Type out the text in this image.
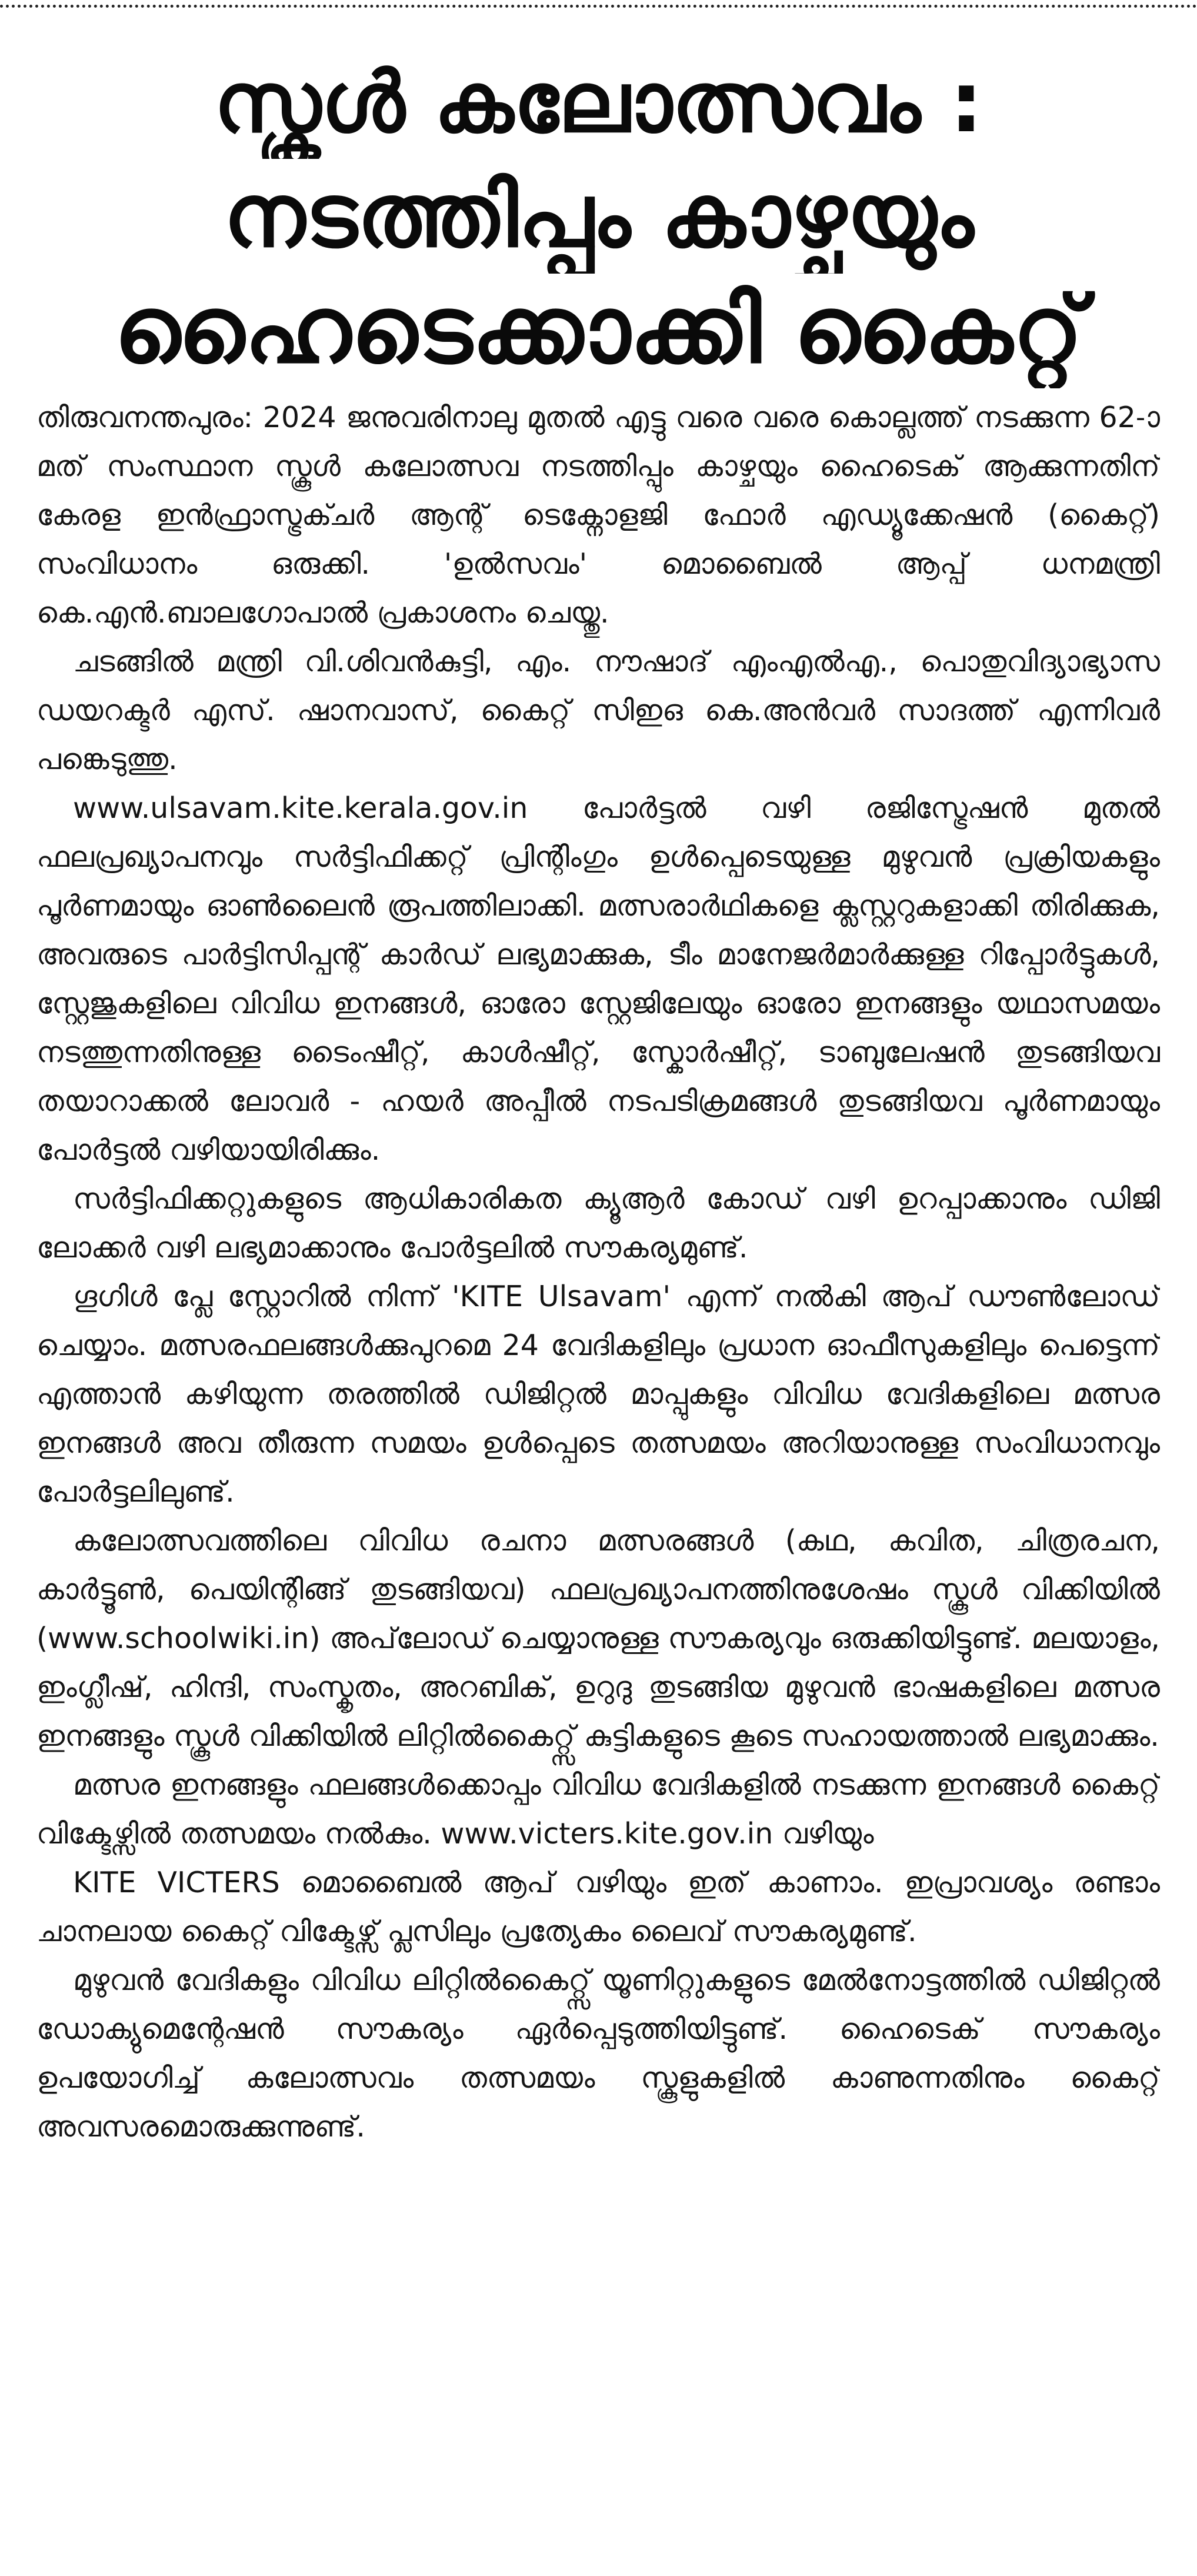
സ്കൂൾ കലോത്സവം :
നടത്തിപ്പും കാഴ്ചയും
ഹൈടെക്കാക്കി കൈറ്റ്

തിരുവനന്തപുരം: 2024 ജനുവരിനാലു മുതൽ എട്ടു വരെ വരെ കൊല്ലത്ത് നടക്കുന്ന 62-ാമത് സംസ്ഥാന സ്കൂൾ കലോത്സവ നടത്തിപ്പും കാഴ്ചയും ഹൈടെക് ആക്കുന്നതിന് കേരള ഇൻഫ്രാസ്ട്രക്ചർ ആന്റ് ടെക്നോളജി ഫോർ എഡ്യൂക്കേഷൻ (കൈറ്റ്) സംവിധാനം ഒരുക്കി. 'ഉൽസവം' മൊബൈൽ ആപ്പ് ധനമന്ത്രി കെ.എൻ.ബാലഗോപാൽ പ്രകാശനം ചെയ്തു.

ചടങ്ങിൽ മന്ത്രി വി.ശിവൻകുട്ടി, എം. നൗഷാദ് എംഎൽഎ., പൊതുവിദ്യാഭ്യാസ ഡയറക്ടർ എസ്. ഷാനവാസ്, കൈറ്റ് സിഇഒ കെ.അൻവർ സാദത്ത് എന്നിവർ പങ്കെടുത്തു.

www.ulsavam.kite.kerala.gov.in പോർട്ടൽ വഴി രജിസ്ട്രേഷൻ മുതൽ ഫലപ്രഖ്യാപനവും സർട്ടിഫിക്കറ്റ് പ്രിന്റിംഗും ഉൾപ്പെടെയുള്ള മുഴുവൻ പ്രക്രിയകളും പൂർണമായും ഓൺലൈൻ രൂപത്തിലാക്കി. മത്സരാർഥികളെ ക്ലസ്റ്ററുകളാക്കി തിരിക്കുക, അവരുടെ പാർട്ടിസിപ്പന്റ് കാർഡ് ലഭ്യമാക്കുക, ടീം മാനേജർമാർക്കുള്ള റിപ്പോർട്ടുകൾ, സ്റ്റേജുകളിലെ വിവിധ ഇനങ്ങൾ, ഓരോ സ്റ്റേജിലേയും ഓരോ ഇനങ്ങളും യഥാസമയം നടത്തുന്നതിനുള്ള ടൈംഷീറ്റ്, കാൾഷീറ്റ്, സ്കോർഷീറ്റ്, ടാബുലേഷൻ തുടങ്ങിയവ തയാറാക്കൽ ലോവർ - ഹയർ അപ്പീൽ നടപടിക്രമങ്ങൾ തുടങ്ങിയവ പൂർണമായും പോർട്ടൽ വഴിയായിരിക്കും.

സർട്ടിഫിക്കറ്റുകളുടെ ആധികാരികത ക്യൂആർ കോഡ് വഴി ഉറപ്പാക്കാനും ഡിജി ലോക്കർ വഴി ലഭ്യമാക്കാനും പോർട്ടലിൽ സൗകര്യമുണ്ട്.

ഗൂഗിൾ പ്ലേ സ്റ്റോറിൽ നിന്ന് 'KITE Ulsavam' എന്ന് നൽകി ആപ് ഡൗൺലോഡ് ചെയ്യാം. മത്സരഫലങ്ങൾക്കുപുറമെ 24 വേദികളിലും പ്രധാന ഓഫീസുകളിലും പെട്ടെന്ന് എത്താൻ കഴിയുന്ന തരത്തിൽ ഡിജിറ്റൽ മാപ്പുകളും വിവിധ വേദികളിലെ മത്സര ഇനങ്ങൾ അവ തീരുന്ന സമയം ഉൾപ്പെടെ തത്സമയം അറിയാനുള്ള സംവിധാനവും പോർട്ടലിലുണ്ട്.

കലോത്സവത്തിലെ വിവിധ രചനാ മത്സരങ്ങൾ (കഥ, കവിത, ചിത്രരചന, കാർട്ടൂൺ, പെയിന്റിങ്ങ് തുടങ്ങിയവ) ഫലപ്രഖ്യാപനത്തിനുശേഷം സ്കൂൾ വിക്കിയിൽ (www.schoolwiki.in) അപ്‌ലോഡ് ചെയ്യാനുള്ള സൗകര്യവും ഒരുക്കിയിട്ടുണ്ട്. മലയാളം, ഇംഗ്ലീഷ്, ഹിന്ദി, സംസ്കൃതം, അറബിക്, ഉറുദു തുടങ്ങിയ മുഴുവൻ ഭാഷകളിലെ മത്സര ഇനങ്ങളും സ്കൂൾ വിക്കിയിൽ ലിറ്റിൽകൈറ്റ്സ് കുട്ടികളുടെ കൂടെ സഹായത്താൽ ലഭ്യമാക്കും.

മത്സര ഇനങ്ങളും ഫലങ്ങൾക്കൊപ്പം വിവിധ വേദികളിൽ നടക്കുന്ന ഇനങ്ങൾ കൈറ്റ് വിക്ടേഴ്സിൽ തത്സമയം നൽകും. www.victers.kite.gov.in വഴിയും

KITE VICTERS മൊബൈൽ ആപ് വഴിയും ഇത് കാണാം. ഇപ്രാവശ്യം രണ്ടാം ചാനലായ കൈറ്റ് വിക്ടേഴ്സ് പ്ലസിലും പ്രത്യേകം ലൈവ് സൗകര്യമുണ്ട്.

മുഴുവൻ വേദികളും വിവിധ ലിറ്റിൽകൈറ്റ്സ് യൂണിറ്റുകളുടെ മേൽനോട്ടത്തിൽ ഡിജിറ്റൽ ഡോക്യുമെന്റേഷൻ സൗകര്യം ഏർപ്പെടുത്തിയിട്ടുണ്ട്. ഹൈടെക് സൗകര്യം ഉപയോഗിച്ച് കലോത്സവം തത്സമയം സ്കൂളുകളിൽ കാണുന്നതിനും കൈറ്റ് അവസരമൊരുക്കുന്നുണ്ട്.
